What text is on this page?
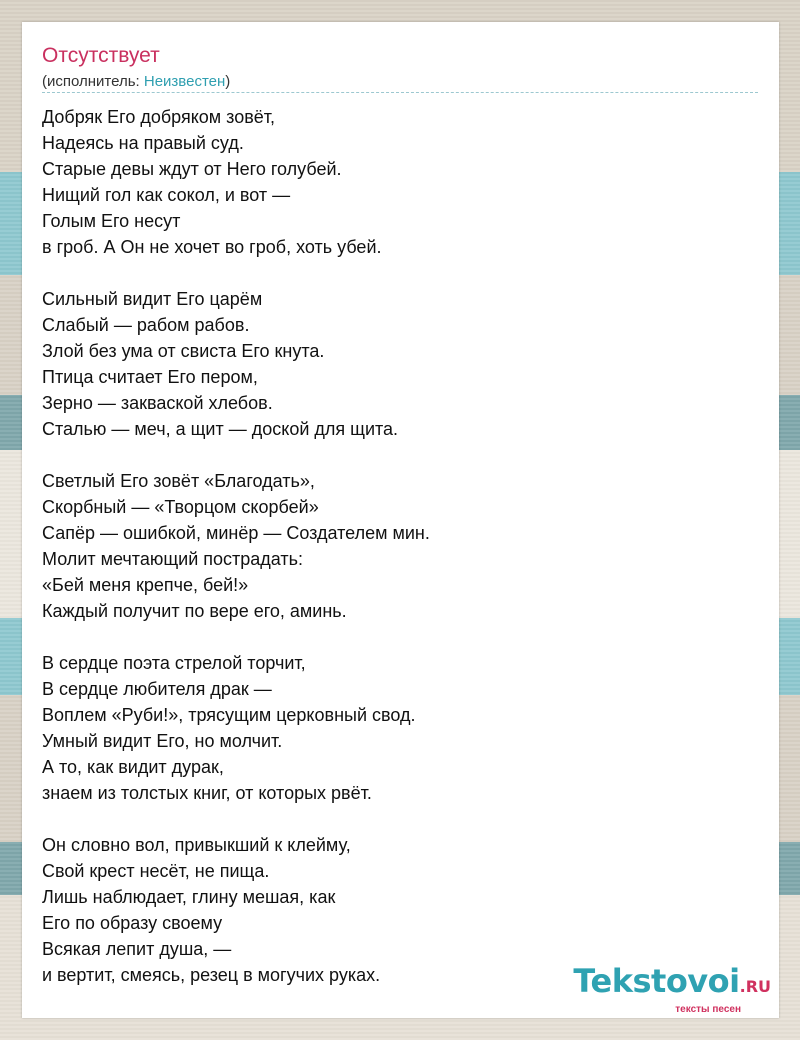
Отсутствует
(исполнитель: Неизвестен)
Добряк Его добряком зовёт,
Надеясь на правый суд.
Старые девы ждут от Него голубей.
Нищий гол как сокол, и вот —
Голым Его несут
в гроб. А Он не хочет во гроб, хоть убей.
Сильный видит Его царём
Слабый — рабом рабов.
Злой без ума от свиста Его кнута.
Птица считает Его пером,
Зерно — закваской хлебов.
Сталью — меч, а щит — доской для щита.
Светлый Его зовёт «Благодать»,
Скорбный — «Творцом скорбей»
Сапёр — ошибкой, минёр — Создателем мин.
Молит мечтающий пострадать:
«Бей меня крепче, бей!»
Каждый получит по вере его, аминь.
В сердце поэта стрелой торчит,
В сердце любителя драк —
Воплем «Руби!», трясущим церковный свод.
Умный видит Его, но молчит.
А то, как видит дурак,
знаем из толстых книг, от которых рвёт.
Он словно вол, привыкший к клейму,
Свой крест несёт, не пища.
Лишь наблюдает, глину мешая, как
Его по образу своему
Всякая лепит душа, —
и вертит, смеясь, резец в могучих руках.	Tekstovoi.RU
тексты песен
